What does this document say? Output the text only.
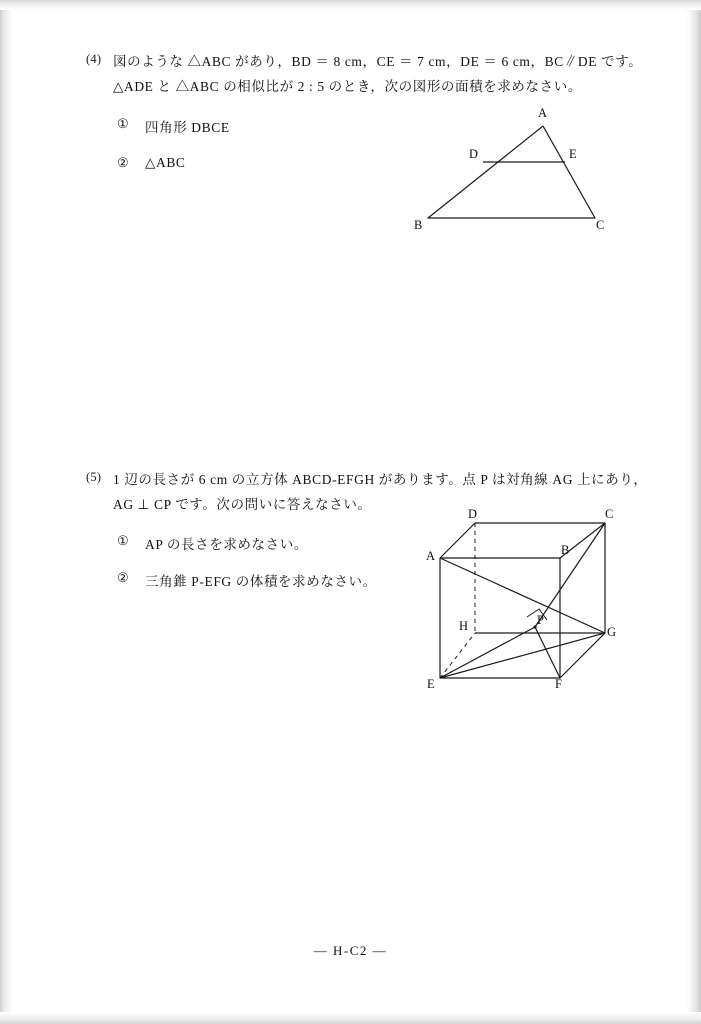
(4) 図のような △ABC があり，BD ＝ 8 cm，CE ＝ 7 cm，DE ＝ 6 cm，BC∥DE です。
△ADE と △ABC の相似比が 2 : 5 のとき，次の図形の面積を求めなさい。
① 四角形 DBCE
② △ABC
A
D	E
B	C
(5) 1 辺の長さが 6 cm の立方体 ABCD‑EFGH があります。点 P は対角線 AG 上にあり，
AG ⊥ CP です。次の問いに答えなさい。
① AP の長さを求めなさい。
② 三角錐 P‑EFG の体積を求めなさい。
D	C
A	B
H	P
G
E	F
— H‑C2 —
